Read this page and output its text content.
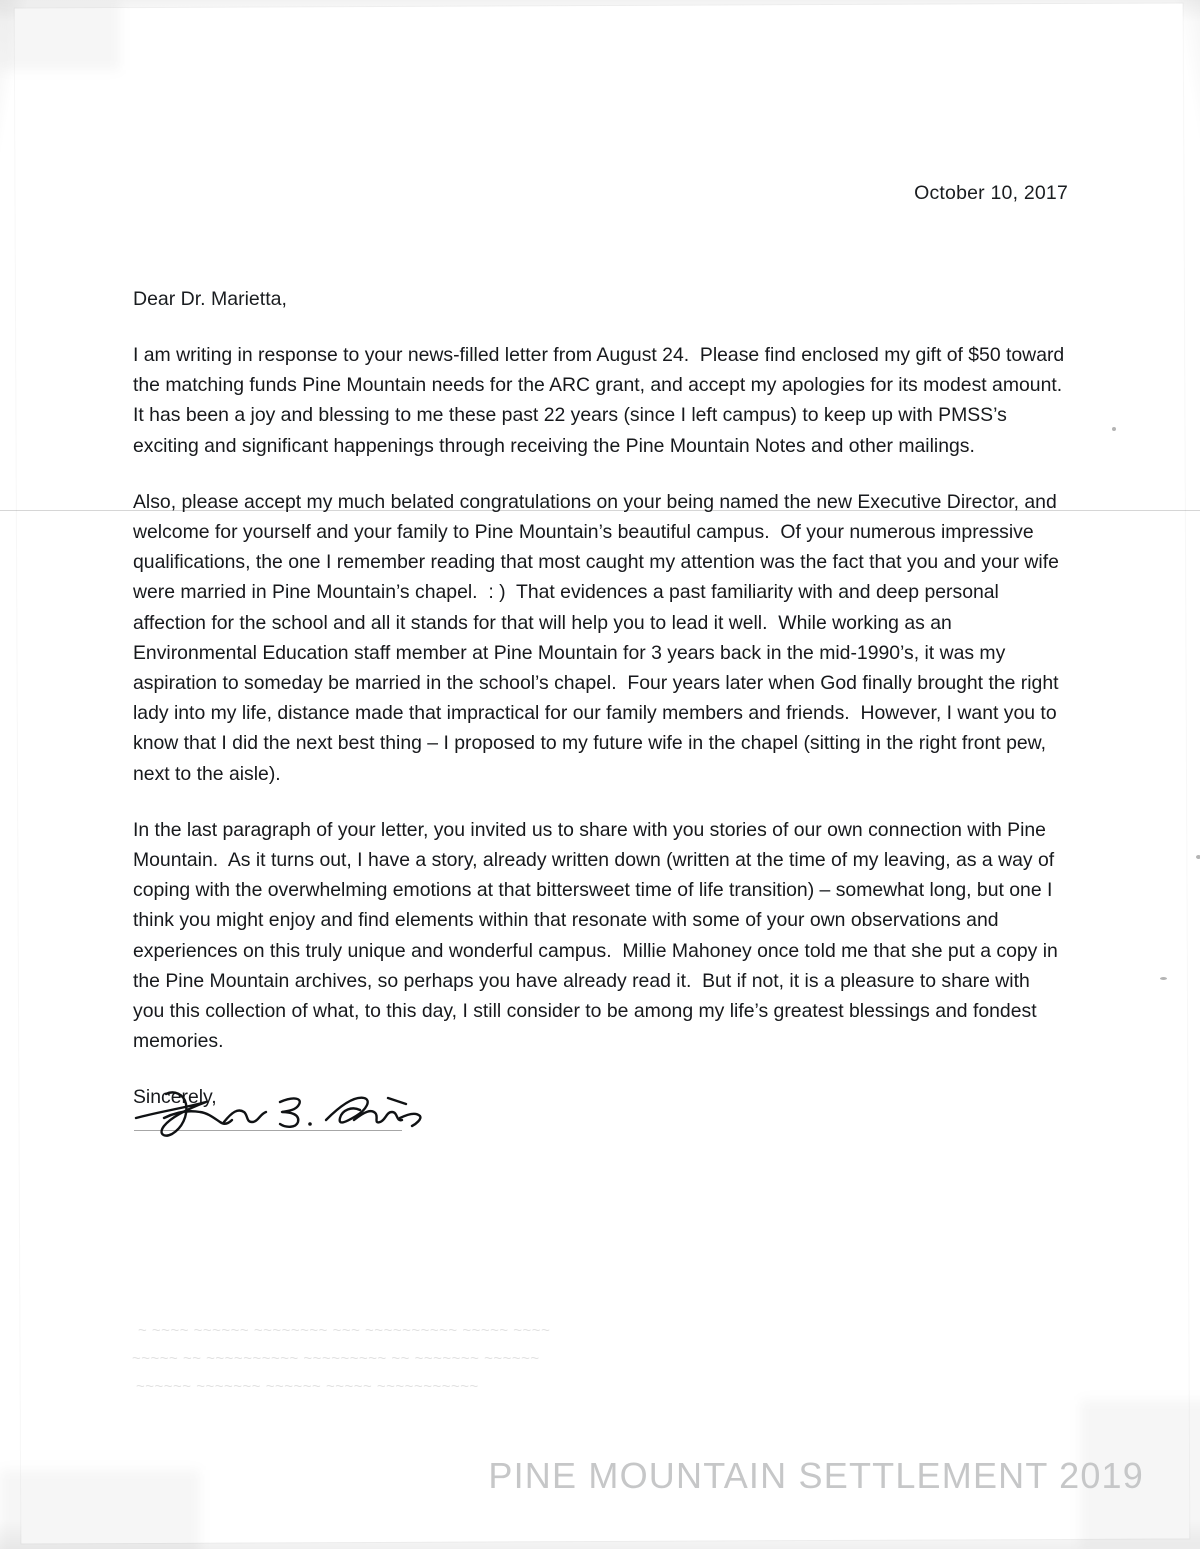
~ ~~~~ ~~~~~~ ~~~~~~~~ ~~~ ~~~~~~~~~~ ~~~~~ ~~~~
~~~~~ ~~ ~~~~~~~~~~ ~~~~~~~~~ ~~ ~~~~~~~ ~~~~~~
~~~~~~ ~~~~~~~ ~~~~~~ ~~~~~ ~~~~~~~~~~~
October 10, 2017
Dear Dr. Marietta,

I am writing in response to your news-filled letter from August 24.  Please find enclosed my gift of $50 toward the matching funds Pine Mountain needs for the ARC grant, and accept my apologies for its modest amount.  It has been a joy and blessing to me these past 22 years (since I left campus) to keep up with PMSS’s exciting and significant happenings through receiving the Pine Mountain Notes and other mailings.

Also, please accept my much belated congratulations on your being named the new Executive Director, and welcome for yourself and your family to Pine Mountain’s beautiful campus.  Of your numerous impressive qualifications, the one I remember reading that most caught my attention was the fact that you and your wife were married in Pine Mountain’s chapel.  : )  That evidences a past familiarity with and deep personal affection for the school and all it stands for that will help you to lead it well.  While working as an Environmental Education staff member at Pine Mountain for 3 years back in the mid-1990’s, it was my aspiration to someday be married in the school’s chapel.  Four years later when God finally brought the right lady into my life, distance made that impractical for our family members and friends.  However, I want you to know that I did the next best thing – I proposed to my future wife in the chapel (sitting in the right front pew, next to the aisle).

In the last paragraph of your letter, you invited us to share with you stories of our own connection with Pine Mountain.  As it turns out, I have a story, already written down (written at the time of my leaving, as a way of coping with the overwhelming emotions at that bittersweet time of life transition) – somewhat long, but one I think you might enjoy and find elements within that resonate with some of your own observations and experiences on this truly unique and wonderful campus.  Millie Mahoney once told me that she put a copy in the Pine Mountain archives, so perhaps you have already read it.  But if not, it is a pleasure to share with you this collection of what, to this day, I still consider to be among my life’s greatest blessings and fondest memories.

Sincerely,

PINE MOUNTAIN SETTLEMENT 2019
